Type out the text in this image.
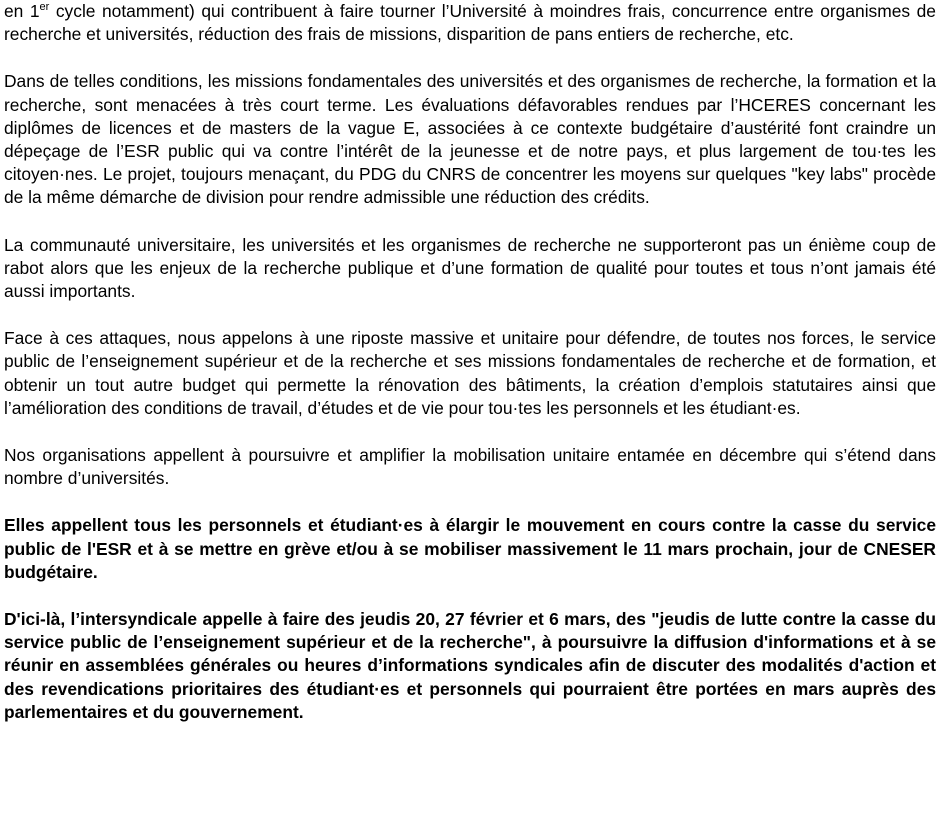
en 1er cycle notamment) qui contribuent à faire tourner l’Université à moindres frais, concurrence entre organismes de recherche et universités, réduction des frais de missions, disparition de pans entiers de recherche, etc.

Dans de telles conditions, les missions fondamentales des universités et des organismes de recherche, la formation et la recherche, sont menacées à très court terme. Les évaluations défavorables rendues par l’HCERES concernant les diplômes de licences et de masters de la vague E, associées à ce contexte budgétaire d’austérité font craindre un dépeçage de l’ESR public qui va contre l’intérêt de la jeunesse et de notre pays, et plus largement de tou·tes les citoyen·nes. Le projet, toujours menaçant, du PDG du CNRS de concentrer les moyens sur quelques "key labs" procède de la même démarche de division pour rendre admissible une réduction des crédits.

La communauté universitaire, les universités et les organismes de recherche ne supporteront pas un énième coup de rabot alors que les enjeux de la recherche publique et d’une formation de qualité pour toutes et tous n’ont jamais été aussi importants.

Face à ces attaques, nous appelons à une riposte massive et unitaire pour défendre, de toutes nos forces, le service public de l’enseignement supérieur et de la recherche et ses missions fondamentales de recherche et de formation, et obtenir un tout autre budget qui permette la rénovation des bâtiments, la création d’emplois statutaires ainsi que l’amélioration des conditions de travail, d’études et de vie pour tou·tes les personnels et les étudiant·es.

Nos organisations appellent à poursuivre et amplifier la mobilisation unitaire entamée en décembre qui s’étend dans nombre d’universités.

Elles appellent tous les personnels et étudiant·es à élargir le mouvement en cours contre la casse du service public de l'ESR et à se mettre en grève et/ou à se mobiliser massivement le 11 mars prochain, jour de CNESER budgétaire.

D'ici-là, l’intersyndicale appelle à faire des jeudis 20, 27 février et 6 mars, des "jeudis de lutte contre la casse du service public de l’enseignement supérieur et de la recherche", à poursuivre la diffusion d'informations et à se réunir en assemblées générales ou heures d’informations syndicales afin de discuter des modalités d'action et des revendications prioritaires des étudiant·es et personnels qui pourraient être portées en mars auprès des parlementaires et du gouvernement.
